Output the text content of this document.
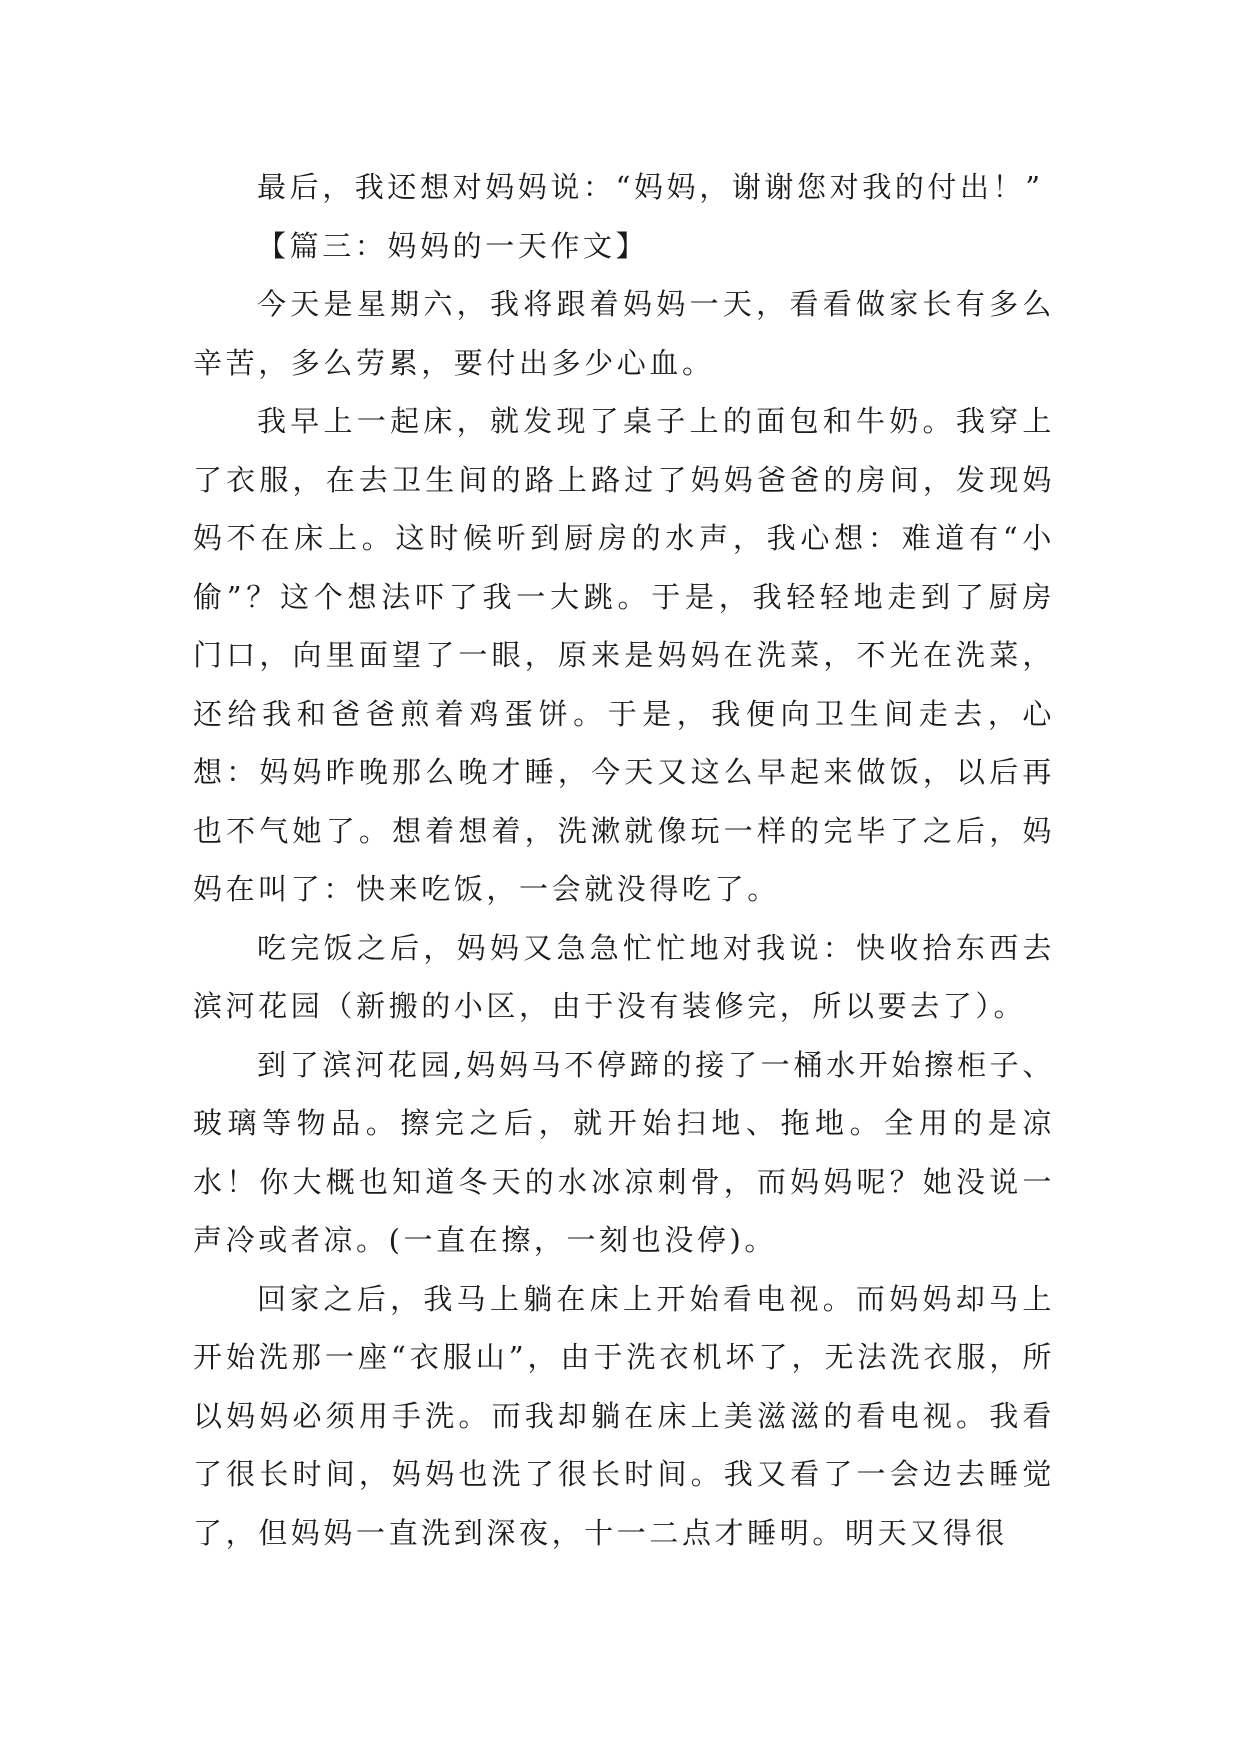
最后，我还想对妈妈说：“妈妈，谢谢您对我的付出！”

【篇三：妈妈的一天作文】

今天是星期六，我将跟着妈妈一天，看看做家长有多么辛苦，多么劳累，要付出多少心血。

我早上一起床，就发现了桌子上的面包和牛奶。我穿上了衣服，在去卫生间的路上路过了妈妈爸爸的房间，发现妈妈不在床上。这时候听到厨房的水声，我心想：难道有“小偷”？这个想法吓了我一大跳。于是，我轻轻地走到了厨房门口，向里面望了一眼，原来是妈妈在洗菜，不光在洗菜，还给我和爸爸煎着鸡蛋饼。于是，我便向卫生间走去，心想：妈妈昨晚那么晚才睡，今天又这么早起来做饭，以后再也不气她了。想着想着，洗漱就像玩一样的完毕了之后，妈妈在叫了：快来吃饭，一会就没得吃了。

吃完饭之后，妈妈又急急忙忙地对我说：快收拾东西去滨河花园（新搬的小区，由于没有装修完，所以要去了）。

到了滨河花园,妈妈马不停蹄的接了一桶水开始擦柜子、玻璃等物品。擦完之后，就开始扫地、拖地。全用的是凉水！你大概也知道冬天的水冰凉刺骨，而妈妈呢？她没说一声冷或者凉。(一直在擦，一刻也没停)。

回家之后，我马上躺在床上开始看电视。而妈妈却马上开始洗那一座“衣服山”，由于洗衣机坏了，无法洗衣服，所以妈妈必须用手洗。而我却躺在床上美滋滋的看电视。我看了很长时间，妈妈也洗了很长时间。我又看了一会边去睡觉了，但妈妈一直洗到深夜，十一二点才睡明。明天又得很
